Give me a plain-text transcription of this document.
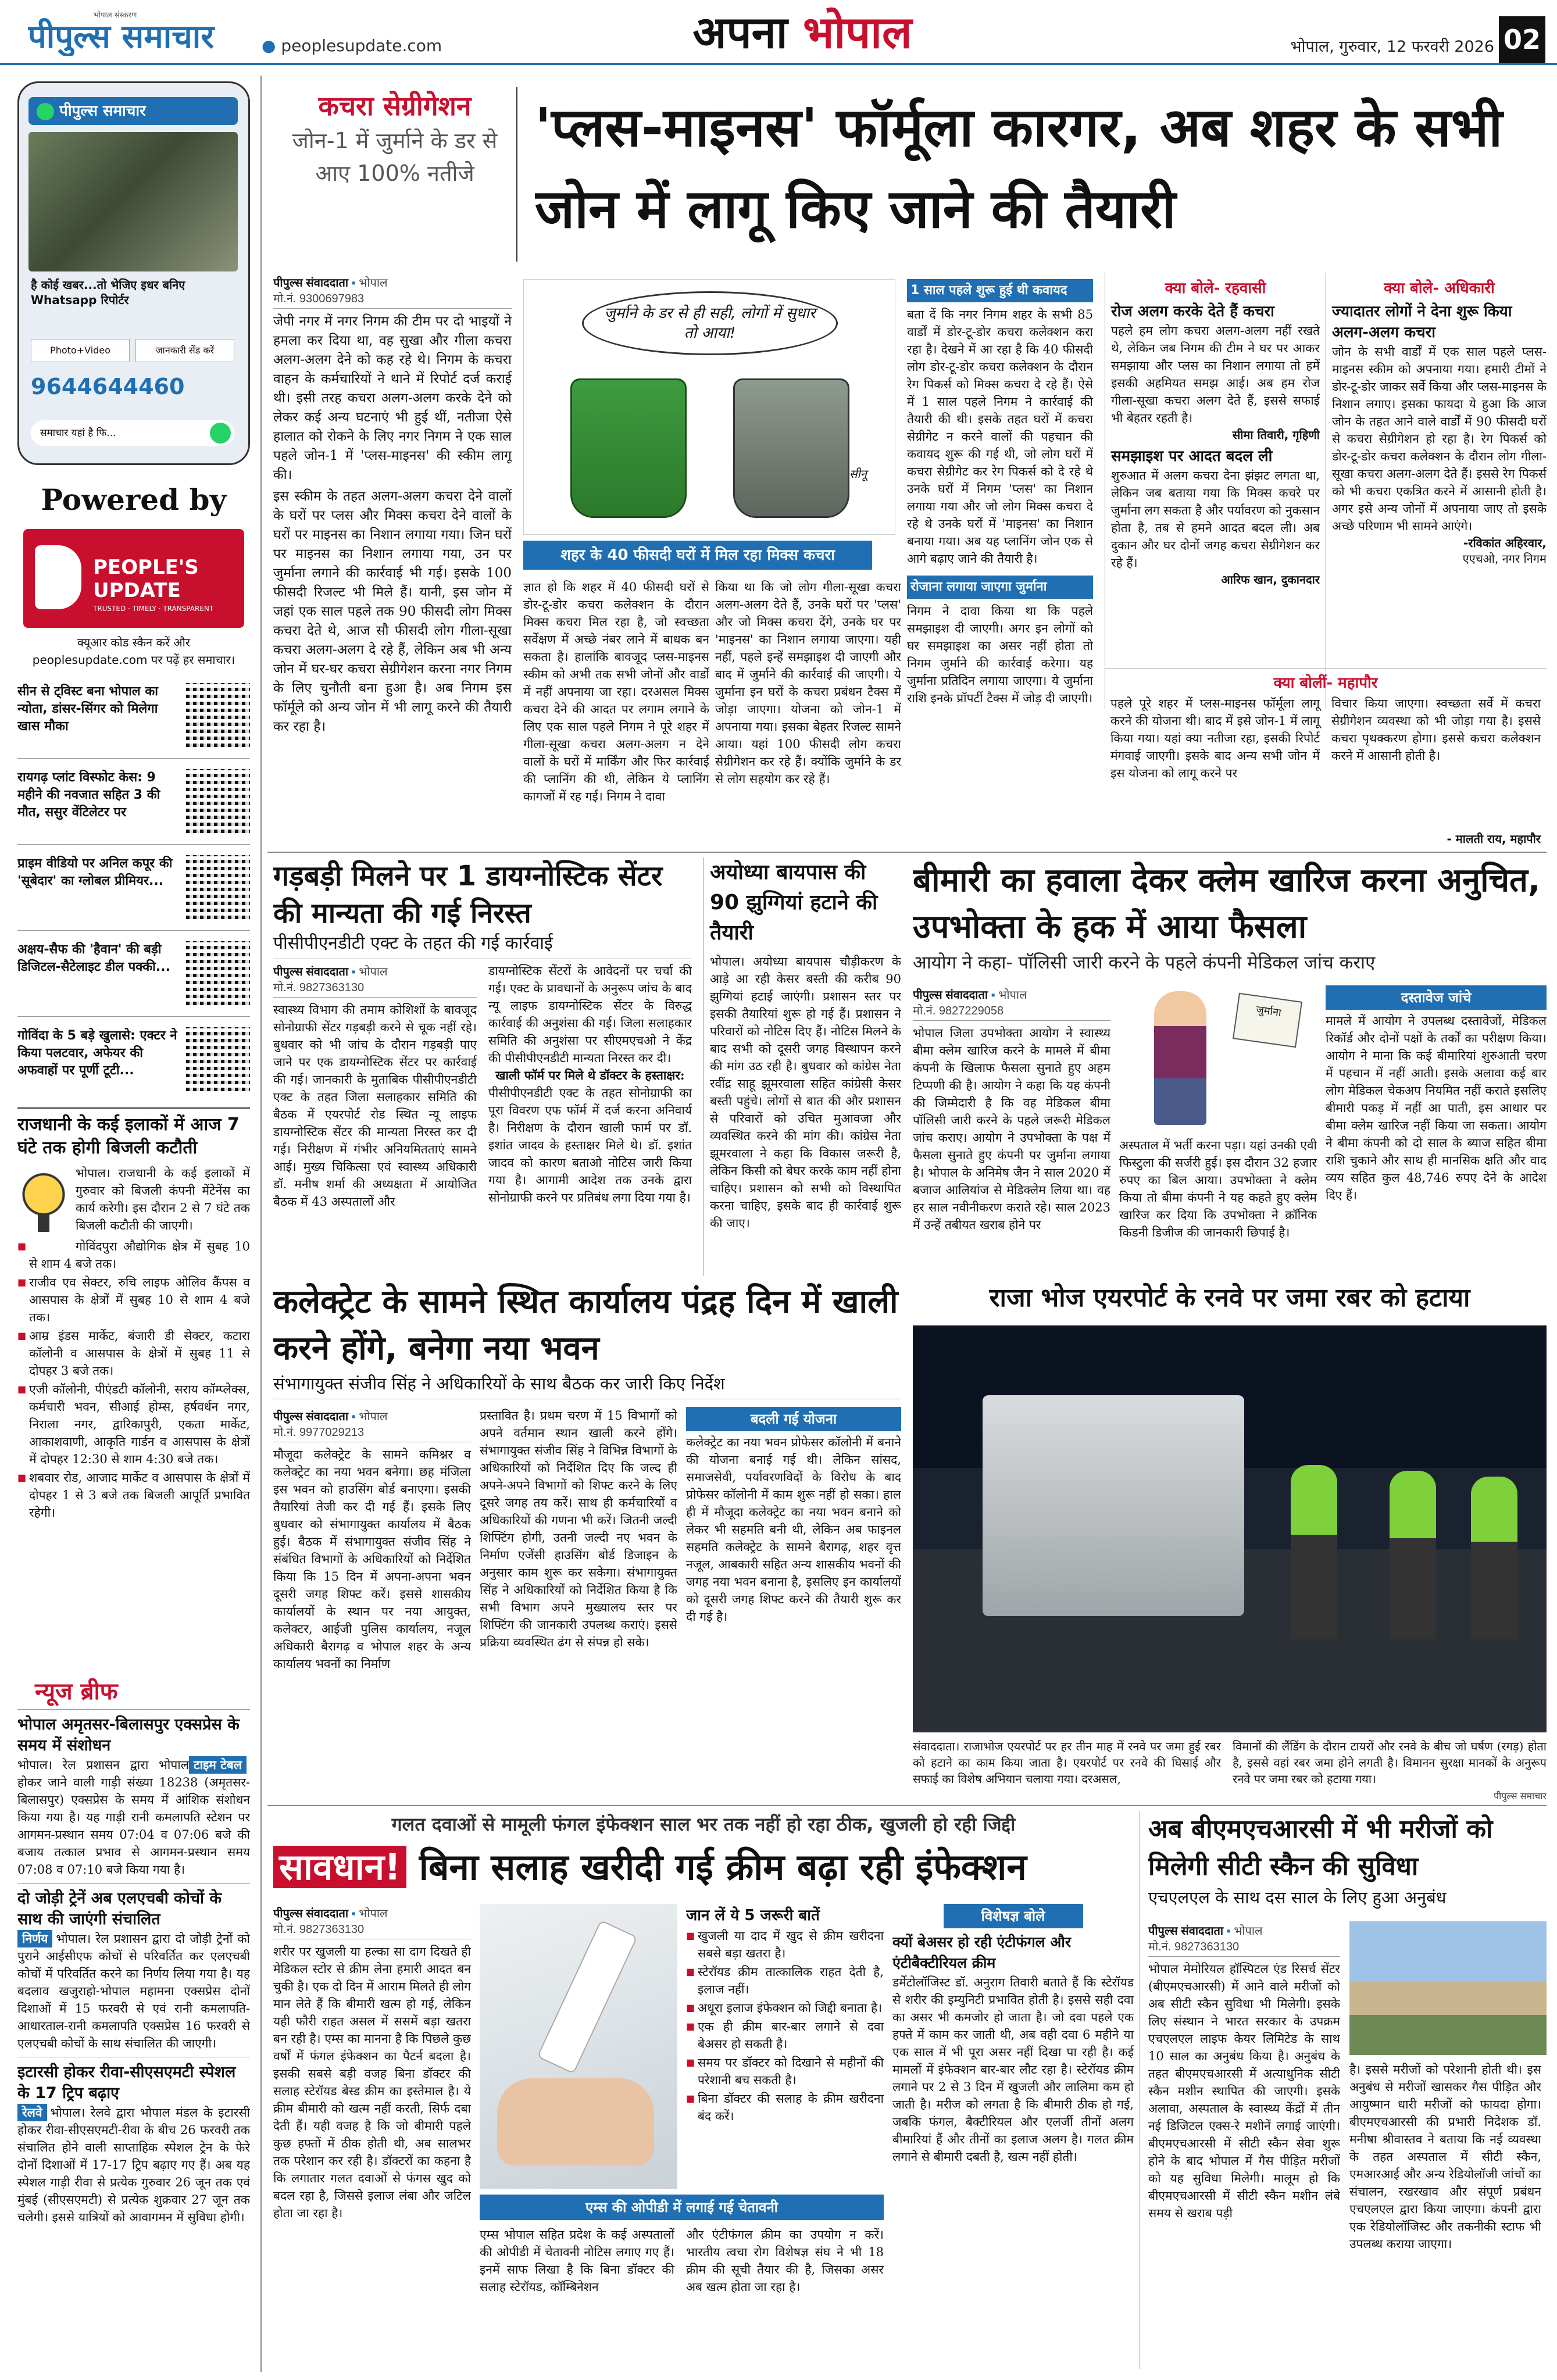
भोपाल संस्करण
पीपुल्स समाचार	● peoplesupdate.com	अपना भोपाल	भोपाल, गुरुवार, 12 फरवरी 2026 02
पीपुल्स समाचार
है कोई खबर...तो भेजिए इधर बनिए Whatsapp रिपोर्टर
Photo+Video	जानकारी सेंड करें
9644644460
समाचार यहां है फि...
Powered by
PEOPLE'S UPDATE
TRUSTED · TIMELY · TRANSPARENT
क्यूआर कोड स्कैन करें और
peoplesupdate.com पर पढ़ें हर समाचार।
सीन से ट्विस्ट बना भोपाल का न्योता, डांसर-सिंगर को मिलेगा खास मौका
रायगढ़ प्लांट विस्फोट केस: 9 महीने की नवजात सहित 3 की मौत, ससुर वेंटिलेटर पर
प्राइम वीडियो पर अनिल कपूर की 'सूबेदार' का ग्लोबल प्रीमियर...
अक्षय-सैफ की 'हैवान' की बड़ी डिजिटल-सैटेलाइट डील पक्की...
गोविंदा के 5 बड़े खुलासे: एक्टर ने किया पलटवार, अफेयर की अफवाहों पर पूर्णी टूटी...
राजधानी के कई इलाकों में आज 7 घंटे तक होगी बिजली कटौती
भोपाल। राजधानी के कई इलाकों में गुरुवार को बिजली कंपनी मेंटेनेंस का कार्य करेगी। इस दौरान 2 से 7 घंटे तक बिजली कटौती की जाएगी।
■ गोविंदपुरा औद्योगिक क्षेत्र में सुबह 10 से शाम 4 बजे तक।
■ राजीव एव सेक्टर, रुचि लाइफ ओलिव कैंपस व आसपास के क्षेत्रों में सुबह 10 से शाम 4 बजे तक।
■ आम्र इंडस मार्केट, बंजारी डी सेक्टर, कटारा कॉलोनी व आसपास के क्षेत्रों में सुबह 11 से दोपहर 3 बजे तक।
■ एजी कॉलोनी, पीएंडटी कॉलोनी, सराय कॉम्प्लेक्स, कर्मचारी भवन, सीआई होम्स, हर्षवर्धन नगर, निराला नगर, द्वारिकापुरी, एकता मार्केट, आकाशवाणी, आकृति गार्डन व आसपास के क्षेत्रों में दोपहर 12:30 से शाम 4:30 बजे तक।
■ शबवार रोड, आजाद मार्केट व आसपास के क्षेत्रों में दोपहर 1 से 3 बजे तक बिजली आपूर्ति प्रभावित रहेगी।
न्यूज ब्रीफ
भोपाल अमृतसर-बिलासपुर एक्सप्रेस के समय में संशोधन
टाइम टेबल
भोपाल। रेल प्रशासन द्वारा भोपाल होकर जाने वाली गाड़ी संख्या 18238 (अमृतसर-बिलासपुर) एक्सप्रेस के समय में आंशिक संशोधन किया गया है। यह गाड़ी रानी कमलापति स्टेशन पर आगमन-प्रस्थान समय 07:04 व 07:06 बजे की बजाय तत्काल प्रभाव से आगमन-प्रस्थान समय 07:08 व 07:10 बजे किया गया है।
दो जोड़ी ट्रेनें अब एलएचबी कोचों के साथ की जाएंगी संचालित
निर्णय भोपाल। रेल प्रशासन द्वारा दो जोड़ी ट्रेनों को पुराने आईसीएफ कोचों से परिवर्तित कर एलएचबी कोचों में परिवर्तित करने का निर्णय लिया गया है। यह बदलाव खजुराहो-भोपाल महामना एक्सप्रेस दोनों दिशाओं में 15 फरवरी से एवं रानी कमलापति-आधारताल-रानी कमलापति एक्सप्रेस 16 फरवरी से एलएचबी कोचों के साथ संचालित की जाएगी।
इटारसी होकर रीवा-सीएसएमटी स्पेशल के 17 ट्रिप बढ़ाए
रेलवे भोपाल। रेलवे द्वारा भोपाल मंडल के इटारसी होकर रीवा-सीएसएमटी-रीवा के बीच 26 फरवरी तक संचालित होने वाली साप्ताहिक स्पेशल ट्रेन के फेरे दोनों दिशाओं में 17-17 ट्रिप बढ़ाए गए हैं। अब यह स्पेशल गाड़ी रीवा से प्रत्येक गुरुवार 26 जून तक एवं मुंबई (सीएसएमटी) से प्रत्येक शुक्रवार 27 जून तक चलेगी। इससे यात्रियों को आवागमन में सुविधा होगी।
कचरा सेग्रीगेशन
जोन-1 में जुर्माने के डर से आए 100% नतीजे
'प्लस-माइनस' फॉर्मूला कारगर, अब शहर के सभी जोन में लागू किए जाने की तैयारी
पीपुल्स संवाददाता ▪ भोपाल
मो.नं. 9300697983

जेपी नगर में नगर निगम की टीम पर दो भाइयों ने हमला कर दिया था, वह सुखा और गीला कचरा अलग-अलग देने को कह रहे थे। निगम के कचरा वाहन के कर्मचारियों ने थाने में रिपोर्ट दर्ज कराई थी। इसी तरह कचरा अलग-अलग करके देने को लेकर कई अन्य घटनाएं भी हुई थीं, नतीजा ऐसे हालात को रोकने के लिए नगर निगम ने एक साल पहले जोन-1 में 'प्लस-माइनस' की स्कीम लागू की।

इस स्कीम के तहत अलग-अलग कचरा देने वालों के घरों पर प्लस और मिक्स कचरा देने वालों के घरों पर माइनस का निशान लगाया गया। जिन घरों पर माइनस का निशान लगाया गया, उन पर जुर्माना लगाने की कार्रवाई भी गई। इसके 100 फीसदी रिजल्ट भी मिले हैं। यानी, इस जोन में जहां एक साल पहले तक 90 फीसदी लोग मिक्स कचरा देते थे, आज सौ फीसदी लोग गीला-सूखा कचरा अलग-अलग दे रहे हैं, लेकिन अब भी अन्य जोन में घर-घर कचरा सेग्रीगेशन करना नगर निगम के लिए चुनौती बना हुआ है। अब निगम इस फॉर्मूले को अन्य जोन में भी लागू करने की तैयारी कर रहा है।

जुर्माने के डर से ही सही, लोगों में सुधार तो आया!
सीनू
शहर के 40 फीसदी घरों में मिल रहा मिक्स कचरा
ज्ञात हो कि शहर में 40 फीसदी घरों से डोर-टू-डोर कचरा कलेक्शन के दौरान मिक्स कचरा मिल रहा है, जो स्वच्छता सर्वेक्षण में अच्छे नंबर लाने में बाधक बन सकता है। हालांकि बावजूद प्लस-माइनस स्कीम को अभी तक सभी जोनों और वार्डों में नहीं अपनाया जा रहा। दरअसल मिक्स कचरा देने की आदत पर लगाम लगाने के लिए एक साल पहले निगम ने पूरे शहर में गीला-सूखा कचरा अलग-अलग न देने वालों के घरों में मार्किंग और फिर कार्रवाई की प्लानिंग की थी, लेकिन ये प्लानिंग कागजों में रह गई। निगम ने दावा
किया था कि जो लोग गीला-सूखा कचरा अलग-अलग देते हैं, उनके घरों पर 'प्लस' और जो मिक्स कचरा देंगे, उनके घर पर 'माइनस' का निशान लगाया जाएगा। यही नहीं, पहले इन्हें समझाइश दी जाएगी और बाद में जुर्माने की कार्रवाई की जाएगी। ये जुर्माना इन घरों के कचरा प्रबंधन टैक्स में जोड़ा जाएगा। योजना को जोन-1 में अपनाया गया। इसका बेहतर रिजल्ट सामने आया। यहां 100 फीसदी लोग कचरा सेग्रीगेशन कर रहे हैं। क्योंकि जुर्माने के डर से लोग सहयोग कर रहे हैं।
1 साल पहले शुरू हुई थी कवायद
बता दें कि नगर निगम शहर के सभी 85 वार्डों में डोर-टू-डोर कचरा कलेक्शन करा रहा है। देखने में आ रहा है कि 40 फीसदी लोग डोर-टू-डोर कचरा कलेक्शन के दौरान रेग पिकर्स को मिक्स कचरा दे रहे हैं। ऐसे में 1 साल पहले निगम ने कार्रवाई की तैयारी की थी। इसके तहत घरों में कचरा सेग्रीगेट न करने वालों की पहचान की कवायद शुरू की गई थी, जो लोग घरों में कचरा सेग्रीगेट कर रेग पिकर्स को दे रहे थे उनके घरों में निगम 'प्लस' का निशान लगाया गया और जो लोग मिक्स कचरा दे रहे थे उनके घरों में 'माइनस' का निशान बनाया गया। अब यह प्लानिंग जोन एक से आगे बढ़ाए जाने की तैयारी है।
रोजाना लगाया जाएगा जुर्माना
निगम ने दावा किया था कि पहले समझाइश दी जाएगी। अगर इन लोगों को घर समझाइश का असर नहीं होता तो निगम जुर्माने की कार्रवाई करेगा। यह जुर्माना प्रतिदिन लगाया जाएगा। ये जुर्माना राशि इनके प्रॉपर्टी टैक्स में जोड़ दी जाएगी।
क्या बोले- रहवासी
रोज अलग करके देते हैं कचरा
पहले हम लोग कचरा अलग-अलग नहीं रखते थे, लेकिन जब निगम की टीम ने घर पर आकर समझाया और प्लस का निशान लगाया तो हमें इसकी अहमियत समझ आई। अब हम रोज गीला-सूखा कचरा अलग देते हैं, इससे सफाई भी बेहतर रहती है।
सीमा तिवारी, गृहिणी
समझाइश पर आदत बदल ली
शुरुआत में अलग कचरा देना झंझट लगता था, लेकिन जब बताया गया कि मिक्स कचरे पर जुर्माना लग सकता है और पर्यावरण को नुकसान होता है, तब से हमने आदत बदल ली। अब दुकान और घर दोनों जगह कचरा सेग्रीगेशन कर रहे हैं।
आरिफ खान, दुकानदार
क्या बोले- अधिकारी
ज्यादातर लोगों ने देना शुरू किया अलग-अलग कचरा
जोन के सभी वार्डों में एक साल पहले प्लस-माइनस स्कीम को अपनाया गया। हमारी टीमों ने डोर-टू-डोर जाकर सर्वे किया और प्लस-माइनस के निशान लगाए। इसका फायदा ये हुआ कि आज जोन के तहत आने वाले वार्डों में 90 फीसदी घरों से कचरा सेग्रीगेशन हो रहा है। रेग पिकर्स को डोर-टू-डोर कचरा कलेक्शन के दौरान लोग गीला-सूखा कचरा अलग-अलग देते हैं। इससे रेग पिकर्स को भी कचरा एकत्रित करने में आसानी होती है। अगर इसे अन्य जोनों में अपनाया जाए तो इसके अच्छे परिणाम भी सामने आएंगे।
-रविकांत अहिरवार,
एएचओ, नगर निगम
क्या बोलीं- महापौर
पहले पूरे शहर में प्लस-माइनस फॉर्मूला लागू करने की योजना थी। बाद में इसे जोन-1 में लागू किया गया। यहां क्या नतीजा रहा, इसकी रिपोर्ट मंगवाई जाएगी। इसके बाद अन्य सभी जोन में इस योजना को लागू करने पर
विचार किया जाएगा। स्वच्छता सर्वे में कचरा सेग्रीगेशन व्यवस्था को भी जोड़ा गया है। इससे कचरा पृथक्करण होगा। इससे कचरा कलेक्शन करने में आसानी होती है।
- मालती राय, महापौर
गड़बड़ी मिलने पर 1 डायग्नोस्टिक सेंटर की मान्यता की गई निरस्त
पीसीपीएनडीटी एक्ट के तहत की गई कार्रवाई
पीपुल्स संवाददाता ▪ भोपाल
मो.नं. 9827363130
स्वास्थ्य विभाग की तमाम कोशिशों के बावजूद सोनोग्राफी सेंटर गड़बड़ी करने से चूक नहीं रहे। बुधवार को भी जांच के दौरान गड़बड़ी पाए जाने पर एक डायग्नोस्टिक सेंटर पर कार्रवाई की गई। जानकारी के मुताबिक पीसीपीएनडीटी एक्ट के तहत जिला सलाहकार समिति की बैठक में एयरपोर्ट रोड स्थित न्यू लाइफ डायग्नोस्टिक सेंटर की मान्यता निरस्त कर दी गई। निरीक्षण में गंभीर अनियमितताएं सामने आई। मुख्य चिकित्सा एवं स्वास्थ्य अधिकारी डॉ. मनीष शर्मा की अध्यक्षता में आयोजित बैठक में 43 अस्पतालों और
डायग्नोस्टिक सेंटरों के आवेदनों पर चर्चा की गई। एक्ट के प्रावधानों के अनुरूप जांच के बाद न्यू लाइफ डायग्नोस्टिक सेंटर के विरुद्ध कार्रवाई की अनुशंसा की गई। जिला सलाहकार समिति की अनुशंसा पर सीएमएचओ ने केंद्र की पीसीपीएनडीटी मान्यता निरस्त कर दी।
खाली फॉर्म पर मिले थे डॉक्टर के हस्ताक्षर:
पीसीपीएनडीटी एक्ट के तहत सोनोग्राफी का पूरा विवरण एफ फॉर्म में दर्ज करना अनिवार्य है। निरीक्षण के दौरान खाली फार्म पर डॉ. इशांत जादव के हस्ताक्षर मिले थे। डॉ. इशांत जादव को कारण बताओ नोटिस जारी किया गया है। आगामी आदेश तक उनके द्वारा सोनोग्राफी करने पर प्रतिबंध लगा दिया गया है।
अयोध्या बायपास की 90 झुग्गियां हटाने की तैयारी
भोपाल। अयोध्या बायपास चौड़ीकरण के आड़े आ रही केसर बस्ती की करीब 90 झुग्गियां हटाई जाएंगी। प्रशासन स्तर पर इसकी तैयारियां शुरू हो गई हैं। प्रशासन ने परिवारों को नोटिस दिए हैं। नोटिस मिलने के बाद सभी को दूसरी जगह विस्थापन करने की मांग उठ रही है। बुधवार को कांग्रेस नेता रवींद्र साहू झूमरवाला सहित कांग्रेसी केसर बस्ती पहुंचे। लोगों से बात की और प्रशासन से परिवारों को उचित मुआवजा और व्यवस्थित करने की मांग की। कांग्रेस नेता झूमरवाला ने कहा कि विकास जरूरी है, लेकिन किसी को बेघर करके काम नहीं होना चाहिए। प्रशासन को सभी को विस्थापित करना चाहिए, इसके बाद ही कार्रवाई शुरू की जाए।
बीमारी का हवाला देकर क्लेम खारिज करना अनुचित, उपभोक्ता के हक में आया फैसला
आयोग ने कहा- पॉलिसी जारी करने के पहले कंपनी मेडिकल जांच कराए
पीपुल्स संवाददाता ▪ भोपाल
मो.नं. 9827229058
भोपाल जिला उपभोक्ता आयोग ने स्वास्थ्य बीमा क्लेम खारिज करने के मामले में बीमा कंपनी के खिलाफ फैसला सुनाते हुए अहम टिप्पणी की है। आयोग ने कहा कि यह कंपनी की जिम्मेदारी है कि वह मेडिकल बीमा पॉलिसी जारी करने के पहले जरूरी मेडिकल जांच कराए। आयोग ने उपभोक्ता के पक्ष में फैसला सुनाते हुए कंपनी पर जुर्माना लगाया है। भोपाल के अनिमेष जैन ने साल 2020 में बजाज आलियांज से मेडिक्लेम लिया था। वह हर साल नवीनीकरण कराते रहे। साल 2023 में उन्हें तबीयत खराब होने पर
जुर्माना
अस्पताल में भर्ती करना पड़ा। यहां उनकी एवी फिस्टुला की सर्जरी हुई। इस दौरान 32 हजार रुपए का बिल आया। उपभोक्ता ने क्लेम किया तो बीमा कंपनी ने यह कहते हुए क्लेम खारिज कर दिया कि उपभोक्ता ने क्रॉनिक किडनी डिजीज की जानकारी छिपाई है।
दस्तावेज जांचे
मामले में आयोग ने उपलब्ध दस्तावेजों, मेडिकल रिकॉर्ड और दोनों पक्षों के तर्कों का परीक्षण किया। आयोग ने माना कि कई बीमारियां शुरुआती चरण में पहचान में नहीं आती। इसके अलावा कई बार लोग मेडिकल चेकअप नियमित नहीं कराते इसलिए बीमारी पकड़ में नहीं आ पाती, इस आधार पर बीमा क्लेम खारिज नहीं किया जा सकता। आयोग ने बीमा कंपनी को दो साल के ब्याज सहित बीमा राशि चुकाने और साथ ही मानसिक क्षति और वाद व्यय सहित कुल 48,746 रुपए देने के आदेश दिए हैं।
कलेक्ट्रेट के सामने स्थित कार्यालय पंद्रह दिन में खाली करने होंगे, बनेगा नया भवन
संभागायुक्त संजीव सिंह ने अधिकारियों के साथ बैठक कर जारी किए निर्देश
पीपुल्स संवाददाता ▪ भोपाल
मो.नं. 9977029213
मौजूदा कलेक्ट्रेट के सामने कमिश्नर व कलेक्ट्रेट का नया भवन बनेगा। छह मंजिला इस भवन को हाउसिंग बोर्ड बनाएगा। इसकी तैयारियां तेजी कर दी गई हैं। इसके लिए बुधवार को संभागायुक्त कार्यालय में बैठक हुई। बैठक में संभागायुक्त संजीव सिंह ने संबंधित विभागों के अधिकारियों को निर्देशित किया कि 15 दिन में अपना-अपना भवन दूसरी जगह शिफ्ट करें। इससे शासकीय कार्यालयों के स्थान पर नया आयुक्त, कलेक्टर, आईजी पुलिस कार्यालय, नजूल अधिकारी बैरागढ़ व भोपाल शहर के अन्य कार्यालय भवनों का निर्माण
प्रस्तावित है। प्रथम चरण में 15 विभागों को अपने वर्तमान स्थान खाली करने होंगे। संभागायुक्त संजीव सिंह ने विभिन्न विभागों के अधिकारियों को निर्देशित दिए कि जल्द ही अपने-अपने विभागों को शिफ्ट करने के लिए दूसरे जगह तय करें। साथ ही कर्मचारियों व अधिकारियों की गणना भी करें। जितनी जल्दी शिफ्टिंग होगी, उतनी जल्दी नए भवन के निर्माण एजेंसी हाउसिंग बोर्ड डिजाइन के अनुसार काम शुरू कर सकेगा। संभागायुक्त सिंह ने अधिकारियों को निर्देशित किया है कि सभी विभाग अपने मुख्यालय स्तर पर शिफ्टिंग की जानकारी उपलब्ध कराएं। इससे प्रक्रिया व्यवस्थित ढंग से संपन्न हो सके।
बदली गई योजना
कलेक्ट्रेट का नया भवन प्रोफेसर कॉलोनी में बनाने की योजना बनाई गई थी। लेकिन सांसद, समाजसेवी, पर्यावरणविदों के विरोध के बाद प्रोफेसर कॉलोनी में काम शुरू नहीं हो सका। हाल ही में मौजूदा कलेक्ट्रेट का नया भवन बनाने को लेकर भी सहमति बनी थी, लेकिन अब फाइनल सहमति कलेक्ट्रेट के सामने बैरागढ़, शहर वृत्त नजूल, आबकारी सहित अन्य शासकीय भवनों की जगह नया भवन बनाना है, इसलिए इन कार्यालयों को दूसरी जगह शिफ्ट करने की तैयारी शुरू कर दी गई है।
राजा भोज एयरपोर्ट के रनवे पर जमा रबर को हटाया
संवाददाता। राजाभोज एयरपोर्ट पर हर तीन माह में रनवे पर जमा हुई रबर को हटाने का काम किया जाता है। एयरपोर्ट पर रनवे की घिसाई और सफाई का विशेष अभियान चलाया गया। दरअसल,
विमानों की लैंडिंग के दौरान टायरों और रनवे के बीच जो घर्षण (रगड़) होता है, इससे वहां रबर जमा होने लगती है। विमानन सुरक्षा मानकों के अनुरूप रनवे पर जमा रबर को हटाया गया।
पीपुल्स समाचार
गलत दवाओं से मामूली फंगल इंफेक्शन साल भर तक नहीं हो रहा ठीक, खुजली हो रही जिद्दी
सावधान! बिना सलाह खरीदी गई क्रीम बढ़ा रही इंफेक्शन
पीपुल्स संवाददाता ▪ भोपाल
मो.नं. 9827363130
शरीर पर खुजली या हल्का सा दाग दिखते ही मेडिकल स्टोर से क्रीम लेना हमारी आदत बन चुकी है। एक दो दिन में आराम मिलते ही लोग मान लेते हैं कि बीमारी खत्म हो गई, लेकिन यही फौरी राहत असल में ससमें बड़ा खतरा बन रही है। एम्स का मानना है कि पिछले कुछ वर्षों में फंगल इंफेक्शन का पैटर्न बदला है। इसकी सबसे बड़ी वजह बिना डॉक्टर की सलाह स्टेरॉयड बेस्ड क्रीम का इस्तेमाल है। ये क्रीम बीमारी को खत्म नहीं करती, सिर्फ दबा देती हैं। यही वजह है कि जो बीमारी पहले कुछ हफ्तों में ठीक होती थी, अब सालभर तक परेशान कर रही है। डॉक्टरों का कहना है कि लगातार गलत दवाओं से फंगस खुद को बदल रहा है, जिससे इलाज लंबा और जटिल होता जा रहा है।
जान लें ये 5 जरूरी बातें
■ खुजली या दाद में खुद से क्रीम खरीदना सबसे बड़ा खतरा है।
■ स्टेरॉयड क्रीम तात्कालिक राहत देती है, इलाज नहीं।
■ अधूरा इलाज इंफेक्शन को जिद्दी बनाता है।
■ एक ही क्रीम बार-बार लगाने से दवा बेअसर हो सकती है।
■ समय पर डॉक्टर को दिखाने से महीनों की परेशानी बच सकती है।
■ बिना डॉक्टर की सलाह के क्रीम खरीदना बंद करें।
एम्स की ओपीडी में लगाई गई चेतावनी
एम्स भोपाल सहित प्रदेश के कई अस्पतालों की ओपीडी में चेतावनी नोटिस लगाए गए हैं। इनमें साफ लिखा है कि बिना डॉक्टर की सलाह स्टेरॉयड, कॉम्बिनेशन
और एंटीफंगल क्रीम का उपयोग न करें। भारतीय त्वचा रोग विशेषज्ञ संघ ने भी 18 क्रीम की सूची तैयार की है, जिसका असर अब खत्म होता जा रहा है।
विशेषज्ञ बोले
क्यों बेअसर हो रही एंटीफंगल और एंटीबैक्टीरियल क्रीम
डर्मेटोलॉजिस्ट डॉ. अनुराग तिवारी बताते हैं कि स्टेरॉयड से शरीर की इम्युनिटी प्रभावित होती है। इससे सही दवा का असर भी कमजोर हो जाता है। जो दवा पहले एक हफ्ते में काम कर जाती थी, अब वही दवा 6 महीने या एक साल में भी पूरा असर नहीं दिखा पा रही है। कई मामलों में इंफेक्शन बार-बार लौट रहा है। स्टेरॉयड क्रीम लगाने पर 2 से 3 दिन में खुजली और लालिमा कम हो जाती है। मरीज को लगता है कि बीमारी ठीक हो गई, जबकि फंगल, बैक्टीरियल और एलर्जी तीनों अलग बीमारियां हैं और तीनों का इलाज अलग है। गलत क्रीम लगाने से बीमारी दबती है, खत्म नहीं होती।
अब बीएमएचआरसी में भी मरीजों को मिलेगी सीटी स्कैन की सुविधा
एचएलएल के साथ दस साल के लिए हुआ अनुबंध
पीपुल्स संवाददाता ▪ भोपाल
मो.नं. 9827363130
भोपाल मेमोरियल हॉस्पिटल एंड रिसर्च सेंटर (बीएमएचआरसी) में आने वाले मरीजों को अब सीटी स्कैन सुविधा भी मिलेगी। इसके लिए संस्थान ने भारत सरकार के उपक्रम एचएलएल लाइफ केयर लिमिटेड के साथ 10 साल का अनुबंध किया है। अनुबंध के तहत बीएमएचआरसी में अत्याधुनिक सीटी स्कैन मशीन स्थापित की जाएगी। इसके अलावा, अस्पताल के स्वास्थ्य केंद्रों में तीन नई डिजिटल एक्स-रे मशीनें लगाई जाएंगी। बीएमएचआरसी में सीटी स्कैन सेवा शुरू होने के बाद भोपाल में गैस पीड़ित मरीजों को यह सुविधा मिलेगी। मालूम हो कि बीएमएचआरसी में सीटी स्कैन मशीन लंबे समय से खराब पड़ी
है। इससे मरीजों को परेशानी होती थी। इस अनुबंध से मरीजों खासकर गैस पीड़ित और आयुष्मान धारी मरीजों को फायदा होगा। बीएमएचआरसी की प्रभारी निदेशक डॉ. मनीषा श्रीवास्तव ने बताया कि नई व्यवस्था के तहत अस्पताल में सीटी स्कैन, एमआरआई और अन्य रेडियोलॉजी जांचों का संचालन, रखरखाव और संपूर्ण प्रबंधन एचएलएल द्वारा किया जाएगा। कंपनी द्वारा एक रेडियोलॉजिस्ट और तकनीकी स्टाफ भी उपलब्ध कराया जाएगा।
